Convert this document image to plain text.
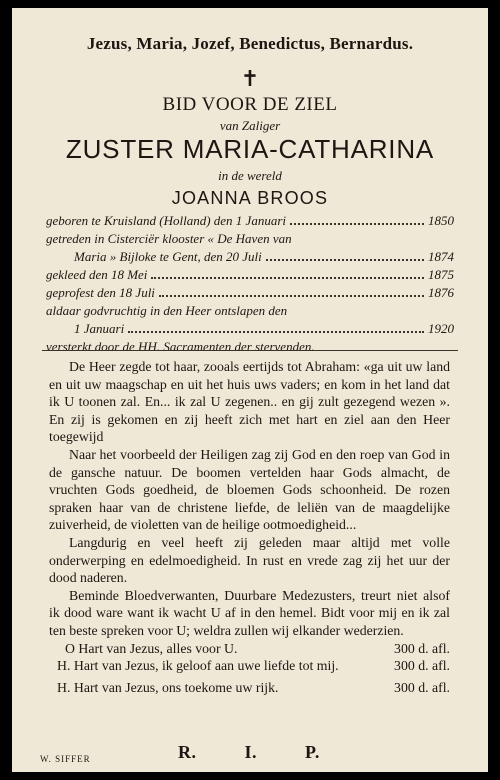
Jezus, Maria, Jozef, Benedictus, Bernardus.
✝
BID VOOR DE ZIEL
van Zaliger
ZUSTER MARIA-CATHARINA
in de wereld
JOANNA BROOS
geboren te Kruisland (Holland) den 1 Januari	1850
getreden in Cisterciër klooster « De Haven van
Maria » Bijloke te Gent, den 20 Juli	1874
gekleed den 18 Mei	1875
geprofest den 18 Juli	1876
aldaar godvruchtig in den Heer ontslapen den
1 Januari	1920
versterkt door de HH. Sacramenten der stervenden.

De Heer zegde tot haar, zooals eertijds tot Abraham: «ga uit uw land en uit uw maagschap en uit het huis uws vaders; en kom in het land dat ik U toonen zal. En... ik zal U zegenen.. en gij zult gezegend wezen ». En zij is gekomen en zij heeft zich met hart en ziel aan den Heer toegewijd

Naar het voorbeeld der Heiligen zag zij God en den roep van God in de gansche natuur. De boomen vertelden haar Gods almacht, de vruchten Gods goedheid, de bloemen Gods schoonheid. De rozen spraken haar van de christene liefde, de leliën van de maagdelijke zuiverheid, de violetten van de heilige ootmoedigheid...

Langdurig en veel heeft zij geleden maar altijd met volle onderwerping en edelmoedigheid. In rust en vrede zag zij het uur der dood naderen.

Beminde Bloedverwanten, Duurbare Medezusters, treurt niet alsof ik dood ware want ik wacht U af in den hemel. Bidt voor mij en ik zal ten beste spreken voor U; weldra zullen wij elkander wederzien.

O Hart van Jezus, alles voor U.	300 d. afl.
H. Hart van Jezus, ik geloof aan uwe liefde tot mij.	300 d. afl.
H. Hart van Jezus, ons toekome uw rijk.	300 d. afl.
R.	I.	P.
W. SIFFER
